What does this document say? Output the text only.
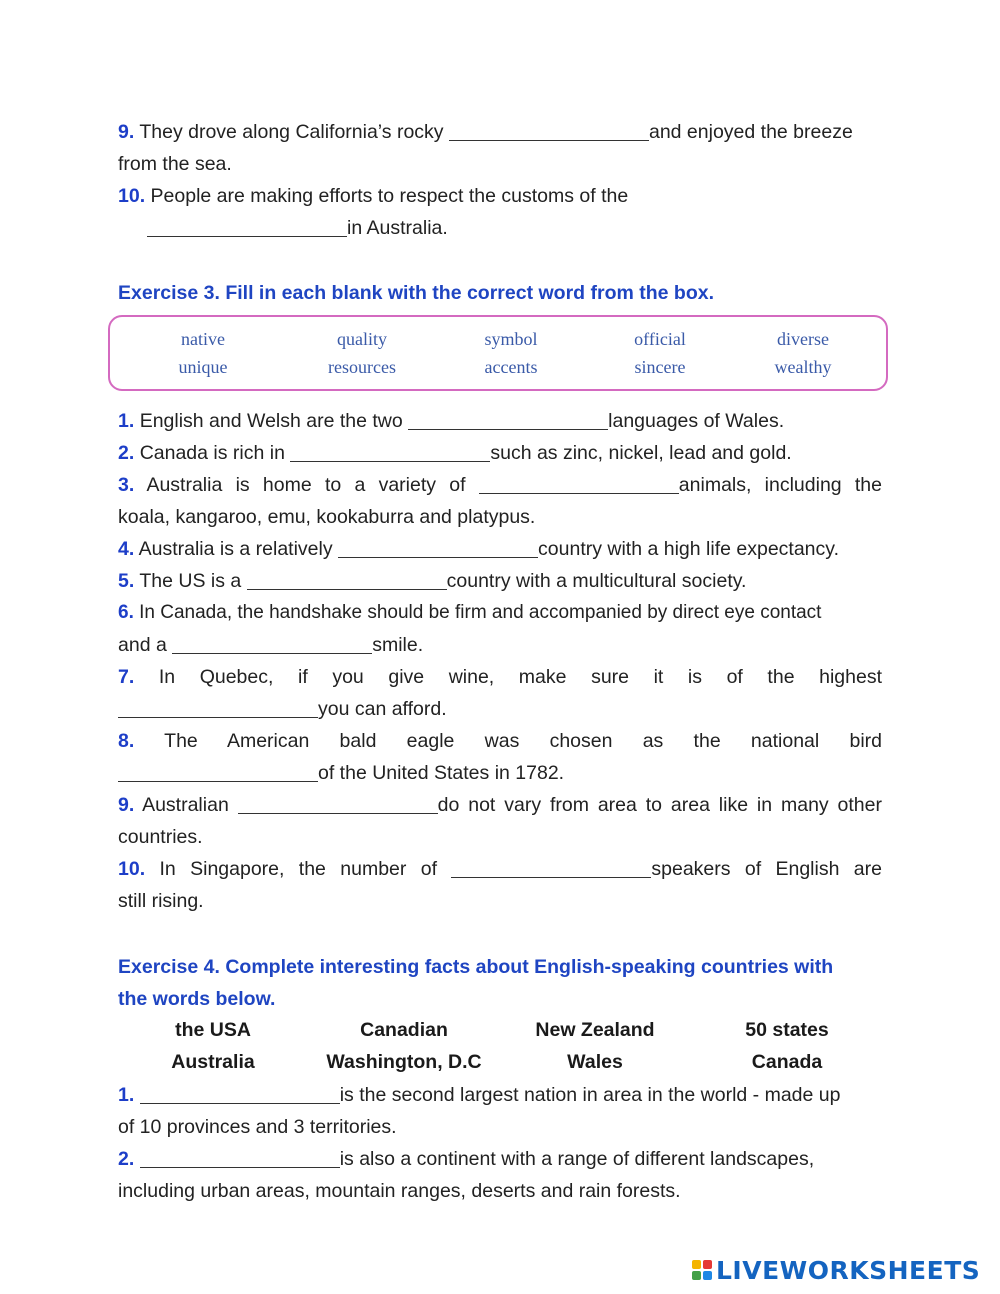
9. They drove along California’s rocky	and enjoyed the breeze
from the sea.
10. People are making efforts to respect the customs of the
in Australia.
Exercise 3. Fill in each blank with the correct word from the box.
1. English and Welsh are the two	languages of Wales.
2. Canada is rich in	such as zinc, nickel, lead and gold.
3. Australia is home to a variety of	animals, including the
koala, kangaroo, emu, kookaburra and platypus.
4. Australia is a relatively	country with a high life expectancy.
5. The US is a	country with a multicultural society.
6. In Canada, the handshake should be firm and accompanied by direct eye contact
and a	smile.
7. In Quebec, if you give wine, make sure it is of the highest
you can afford.
8. The American bald eagle was chosen as the national bird
of the United States in 1782.
9. Australian	do not vary from area to area like in many other
countries.
10. In Singapore, the number of	speakers of English are
still rising.
Exercise 4. Complete interesting facts about English-speaking countries with
the words below.
1.	is the second largest nation in area in the world - made up
of 10 provinces and 3 territories.
2.	is also a continent with a range of different landscapes,
including urban areas, mountain ranges, deserts and rain forests.
native	quality	symbol	official	diverse
unique	resources	accents	sincere	wealthy
the USA	Canadian	New Zealand	50 states
Australia	Washington, D.C	Wales	Canada
LIVEWORKSHEETS
